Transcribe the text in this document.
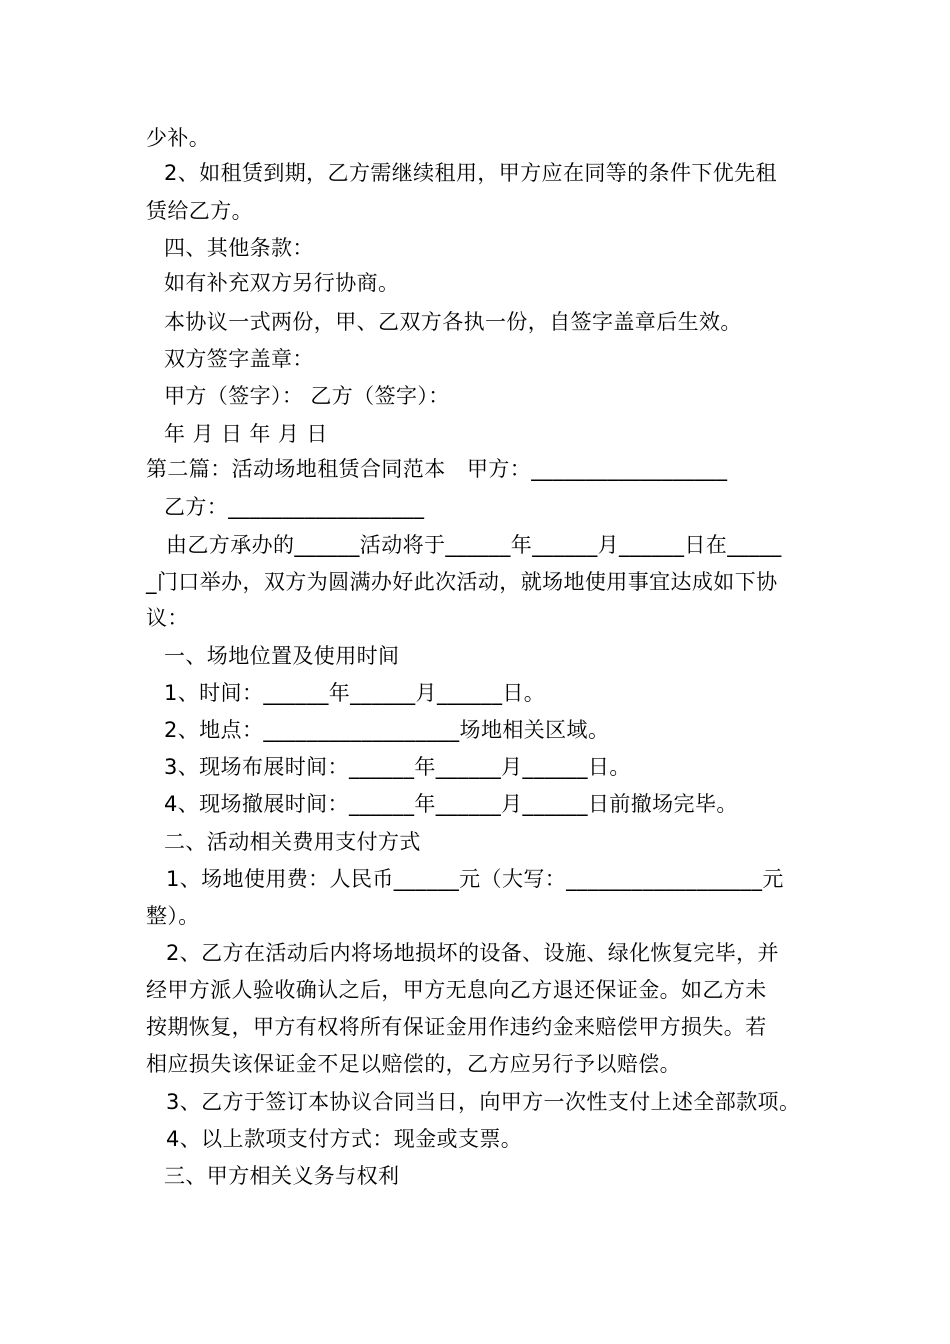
少补。
2、如租赁到期，乙方需继续租用，甲方应在同等的条件下优先租
赁给乙方。
四、其他条款：
如有补充双方另行协商。
本协议一式两份，甲、乙双方各执一份，自签字盖章后生效。
双方签字盖章：
甲方（签字）： 乙方（签字）：
年 月 日 年 月 日
第二篇：活动场地租赁合同范本　甲方：__________________
乙方：__________________
由乙方承办的______活动将于______年______月______日在_____
_门口举办，双方为圆满办好此次活动，就场地使用事宜达成如下协
议：
一、场地位置及使用时间
1、时间：______年______月______日。
2、地点：__________________场地相关区域。
3、现场布展时间：______年______月______日。
4、现场撤展时间：______年______月______日前撤场完毕。
二、活动相关费用支付方式
1、场地使用费：人民币______元（大写：__________________元
整）。
2、乙方在活动后内将场地损坏的设备、设施、绿化恢复完毕，并
经甲方派人验收确认之后，甲方无息向乙方退还保证金。如乙方未
按期恢复，甲方有权将所有保证金用作违约金来赔偿甲方损失。若
相应损失该保证金不足以赔偿的，乙方应另行予以赔偿。
3、乙方于签订本协议合同当日，向甲方一次性支付上述全部款项。
4、以上款项支付方式：现金或支票。
三、甲方相关义务与权利
